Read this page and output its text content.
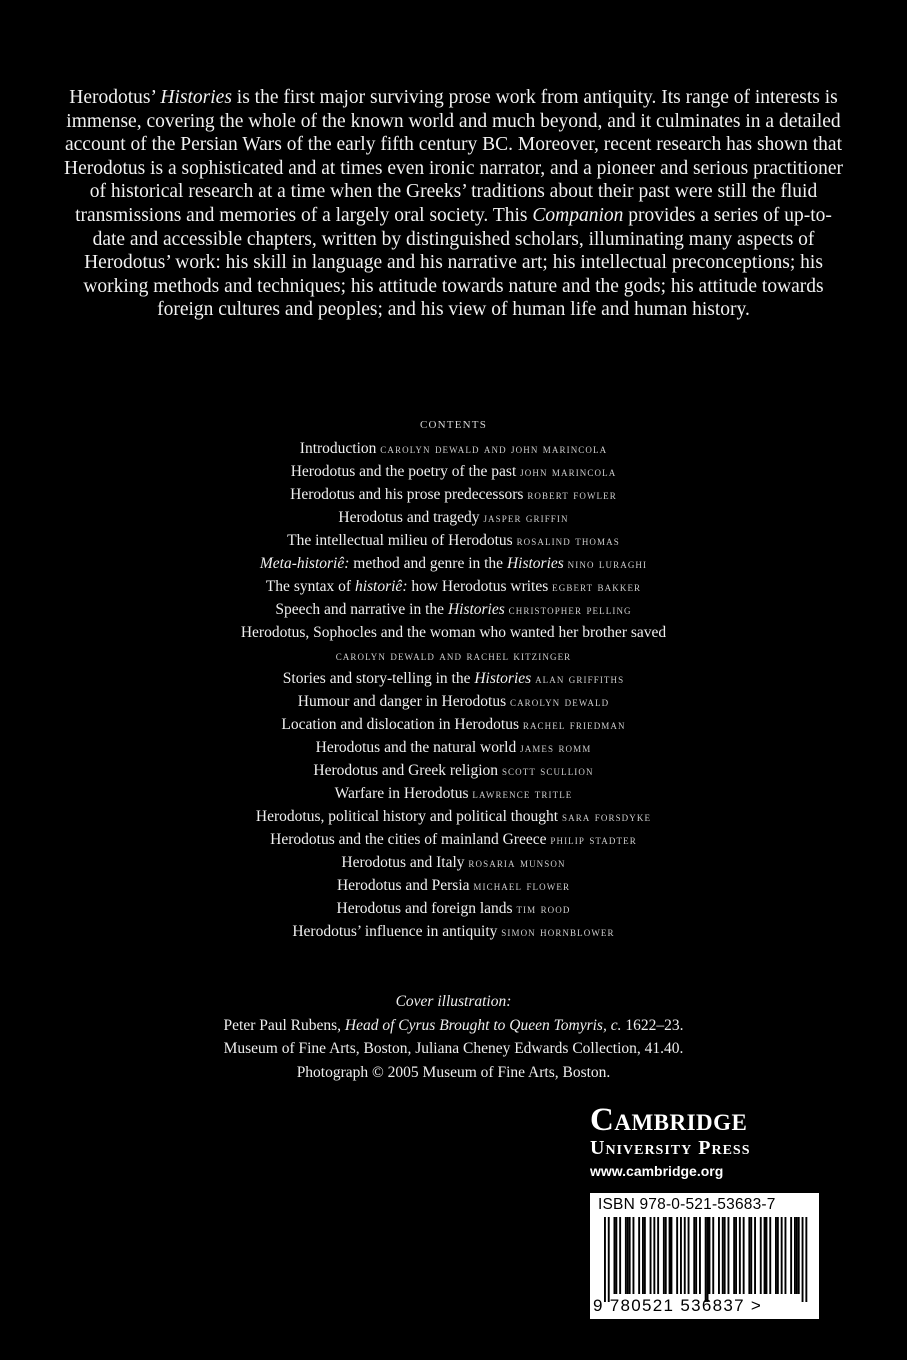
Herodotus’ Histories is the first major surviving prose work from antiquity. Its range of interests is immense, covering the whole of the known world and much beyond, and it culminates in a detailed account of the Persian Wars of the early fifth century BC. Moreover, recent research has shown that Herodotus is a sophisticated and at times even ironic narrator, and a pioneer and serious practitioner of historical research at a time when the Greeks’ traditions about their past were still the fluid transmissions and memories of a largely oral society. This Companion provides a series of up-to-date and accessible chapters, written by distinguished scholars, illuminating many aspects of Herodotus’ work: his skill in language and his narrative art; his intellectual preconceptions; his working methods and techniques; his attitude towards nature and the gods; his attitude towards foreign cultures and peoples; and his view of human life and human history.
CONTENTS
Introduction carolyn dewald and john marincola
Herodotus and the poetry of the past john marincola
Herodotus and his prose predecessors robert fowler
Herodotus and tragedy jasper griffin
The intellectual milieu of Herodotus rosalind thomas
Meta-historiê: method and genre in the Histories nino luraghi
The syntax of historiê: how Herodotus writes egbert bakker
Speech and narrative in the Histories christopher pelling
Herodotus, Sophocles and the woman who wanted her brother saved
carolyn dewald and rachel kitzinger
Stories and story-telling in the Histories alan griffiths
Humour and danger in Herodotus carolyn dewald
Location and dislocation in Herodotus rachel friedman
Herodotus and the natural world james romm
Herodotus and Greek religion scott scullion
Warfare in Herodotus lawrence tritle
Herodotus, political history and political thought sara forsdyke
Herodotus and the cities of mainland Greece philip stadter
Herodotus and Italy rosaria munson
Herodotus and Persia michael flower
Herodotus and foreign lands tim rood
Herodotus’ influence in antiquity simon hornblower
Cover illustration:
Peter Paul Rubens, Head of Cyrus Brought to Queen Tomyris, c. 1622–23.
Museum of Fine Arts, Boston, Juliana Cheney Edwards Collection, 41.40.
Photograph © 2005 Museum of Fine Arts, Boston.
Cambridge
University Press
www.cambridge.org
ISBN 978-0-521-53683-7
9 780521 536837 >
